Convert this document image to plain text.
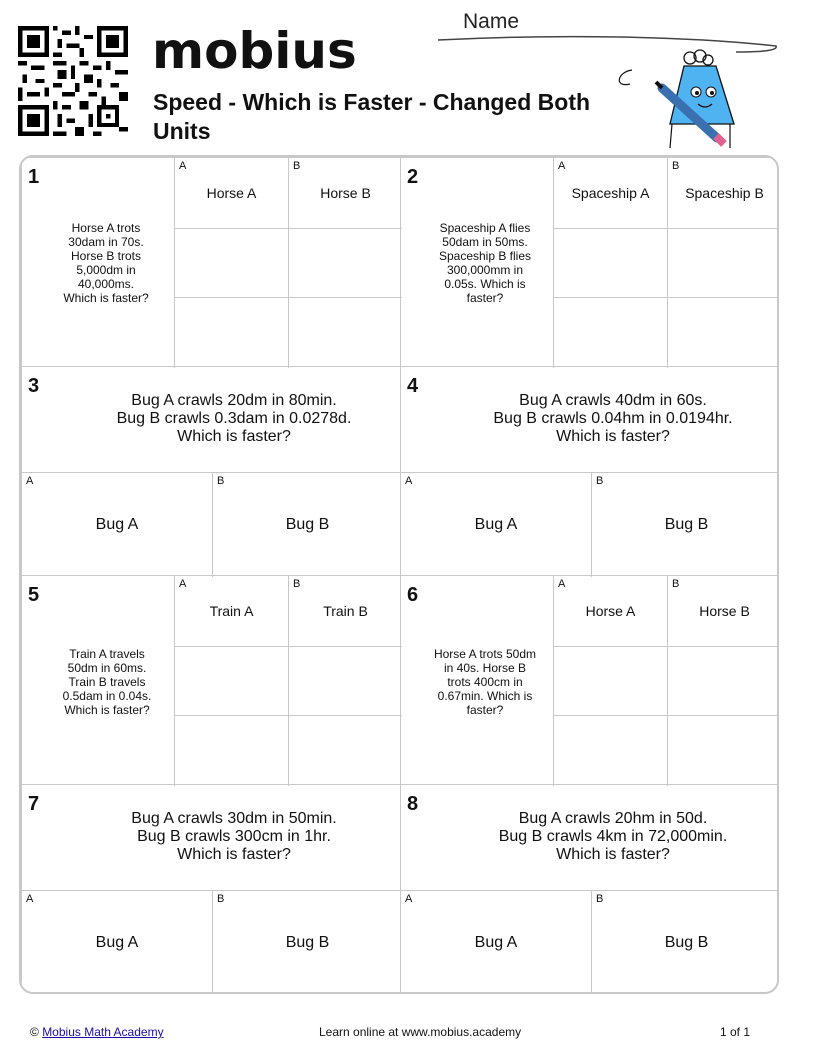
mobius
Name
Speed - Which is Faster - Changed Both Units
1
Horse A trots 30dam in 70s. Horse B trots 5,000dm in 40,000ms. Which is faster?
A
Horse A
B
Horse B
2
Spaceship A flies 50dam in 50ms. Spaceship B flies 300,000mm in 0.05s. Which is faster?
A
Spaceship A
B
Spaceship B
3
Bug A crawls 20dm in 80min.
Bug B crawls 0.3dam in 0.0278d.
Which is faster?
A
Bug A
B
Bug B
4
Bug A crawls 40dm in 60s.
Bug B crawls 0.04hm in 0.0194hr.
Which is faster?
A
Bug A
B
Bug B
5
Train A travels 50dm in 60ms. Train B travels 0.5dam in 0.04s. Which is faster?
A
Train A
B
Train B
6
Horse A trots 50dm in 40s. Horse B trots 400cm in 0.67min. Which is faster?
A
Horse A
B
Horse B
7
Bug A crawls 30dm in 50min.
Bug B crawls 300cm in 1hr.
Which is faster?
A
Bug A
B
Bug B
8
Bug A crawls 20hm in 50d.
Bug B crawls 4km in 72,000min.
Which is faster?
A
Bug A
B
Bug B
© Mobius Math Academy	Learn online at www.mobius.academy	1 of 1
